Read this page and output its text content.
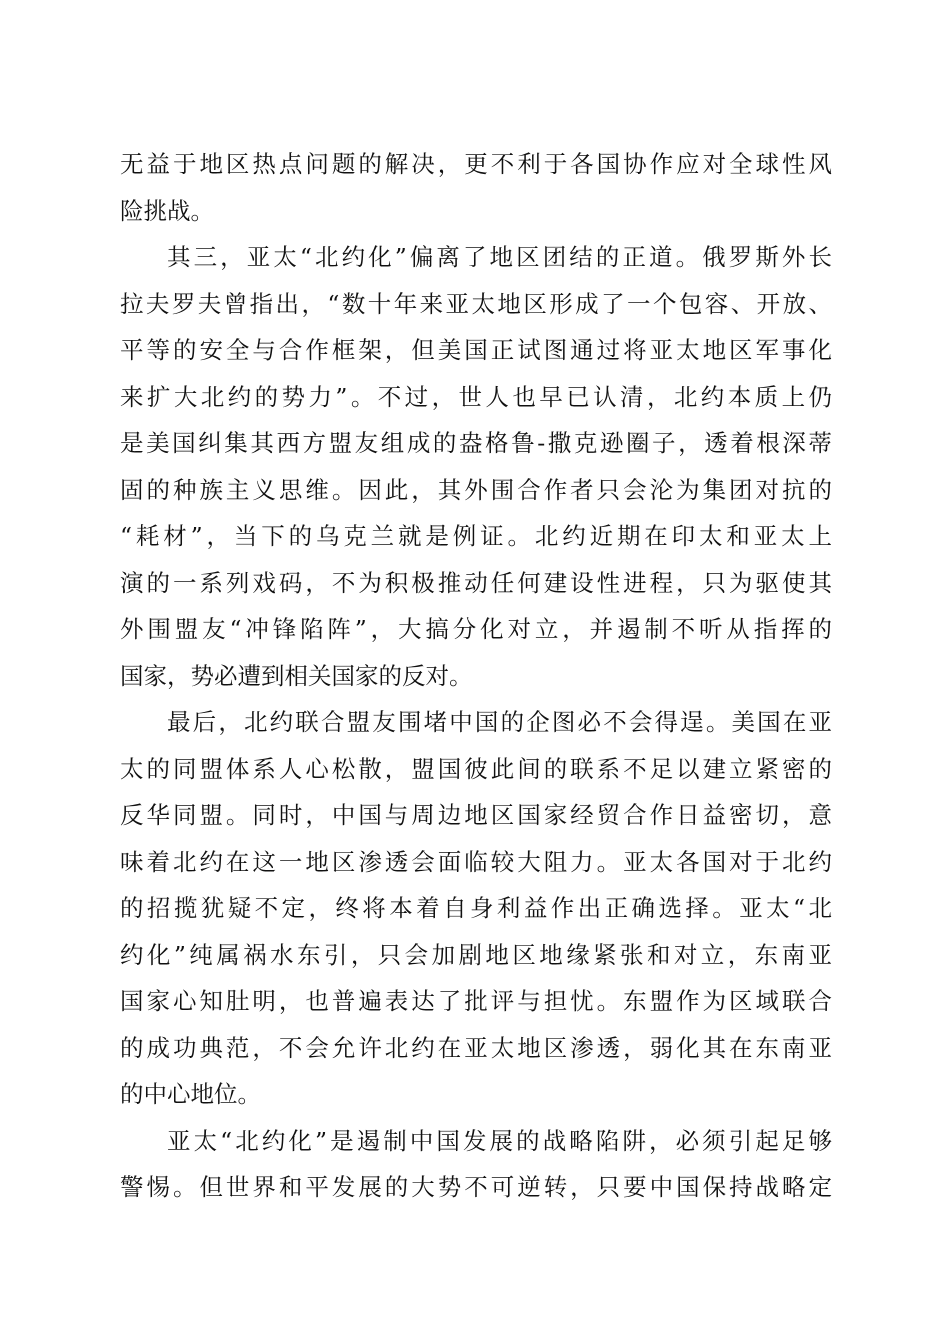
无益于地区热点问题的解决，更不利于各国协作应对全球性风
险挑战。
其三，亚太“北约化”偏离了地区团结的正道。俄罗斯外长
拉夫罗夫曾指出，“数十年来亚太地区形成了一个包容、开放、
平等的安全与合作框架，但美国正试图通过将亚太地区军事化
来扩大北约的势力”。不过，世人也早已认清，北约本质上仍
是美国纠集其西方盟友组成的盎格鲁-撒克逊圈子，透着根深蒂
固的种族主义思维。因此，其外围合作者只会沦为集团对抗的
“耗材”，当下的乌克兰就是例证。北约近期在印太和亚太上
演的一系列戏码，不为积极推动任何建设性进程，只为驱使其
外围盟友“冲锋陷阵”，大搞分化对立，并遏制不听从指挥的
国家，势必遭到相关国家的反对。
最后，北约联合盟友围堵中国的企图必不会得逞。美国在亚
太的同盟体系人心松散，盟国彼此间的联系不足以建立紧密的
反华同盟。同时，中国与周边地区国家经贸合作日益密切，意
味着北约在这一地区渗透会面临较大阻力。亚太各国对于北约
的招揽犹疑不定，终将本着自身利益作出正确选择。亚太“北
约化”纯属祸水东引，只会加剧地区地缘紧张和对立，东南亚
国家心知肚明，也普遍表达了批评与担忧。东盟作为区域联合
的成功典范，不会允许北约在亚太地区渗透，弱化其在东南亚
的中心地位。
亚太“北约化”是遏制中国发展的战略陷阱，必须引起足够
警惕。但世界和平发展的大势不可逆转，只要中国保持战略定
